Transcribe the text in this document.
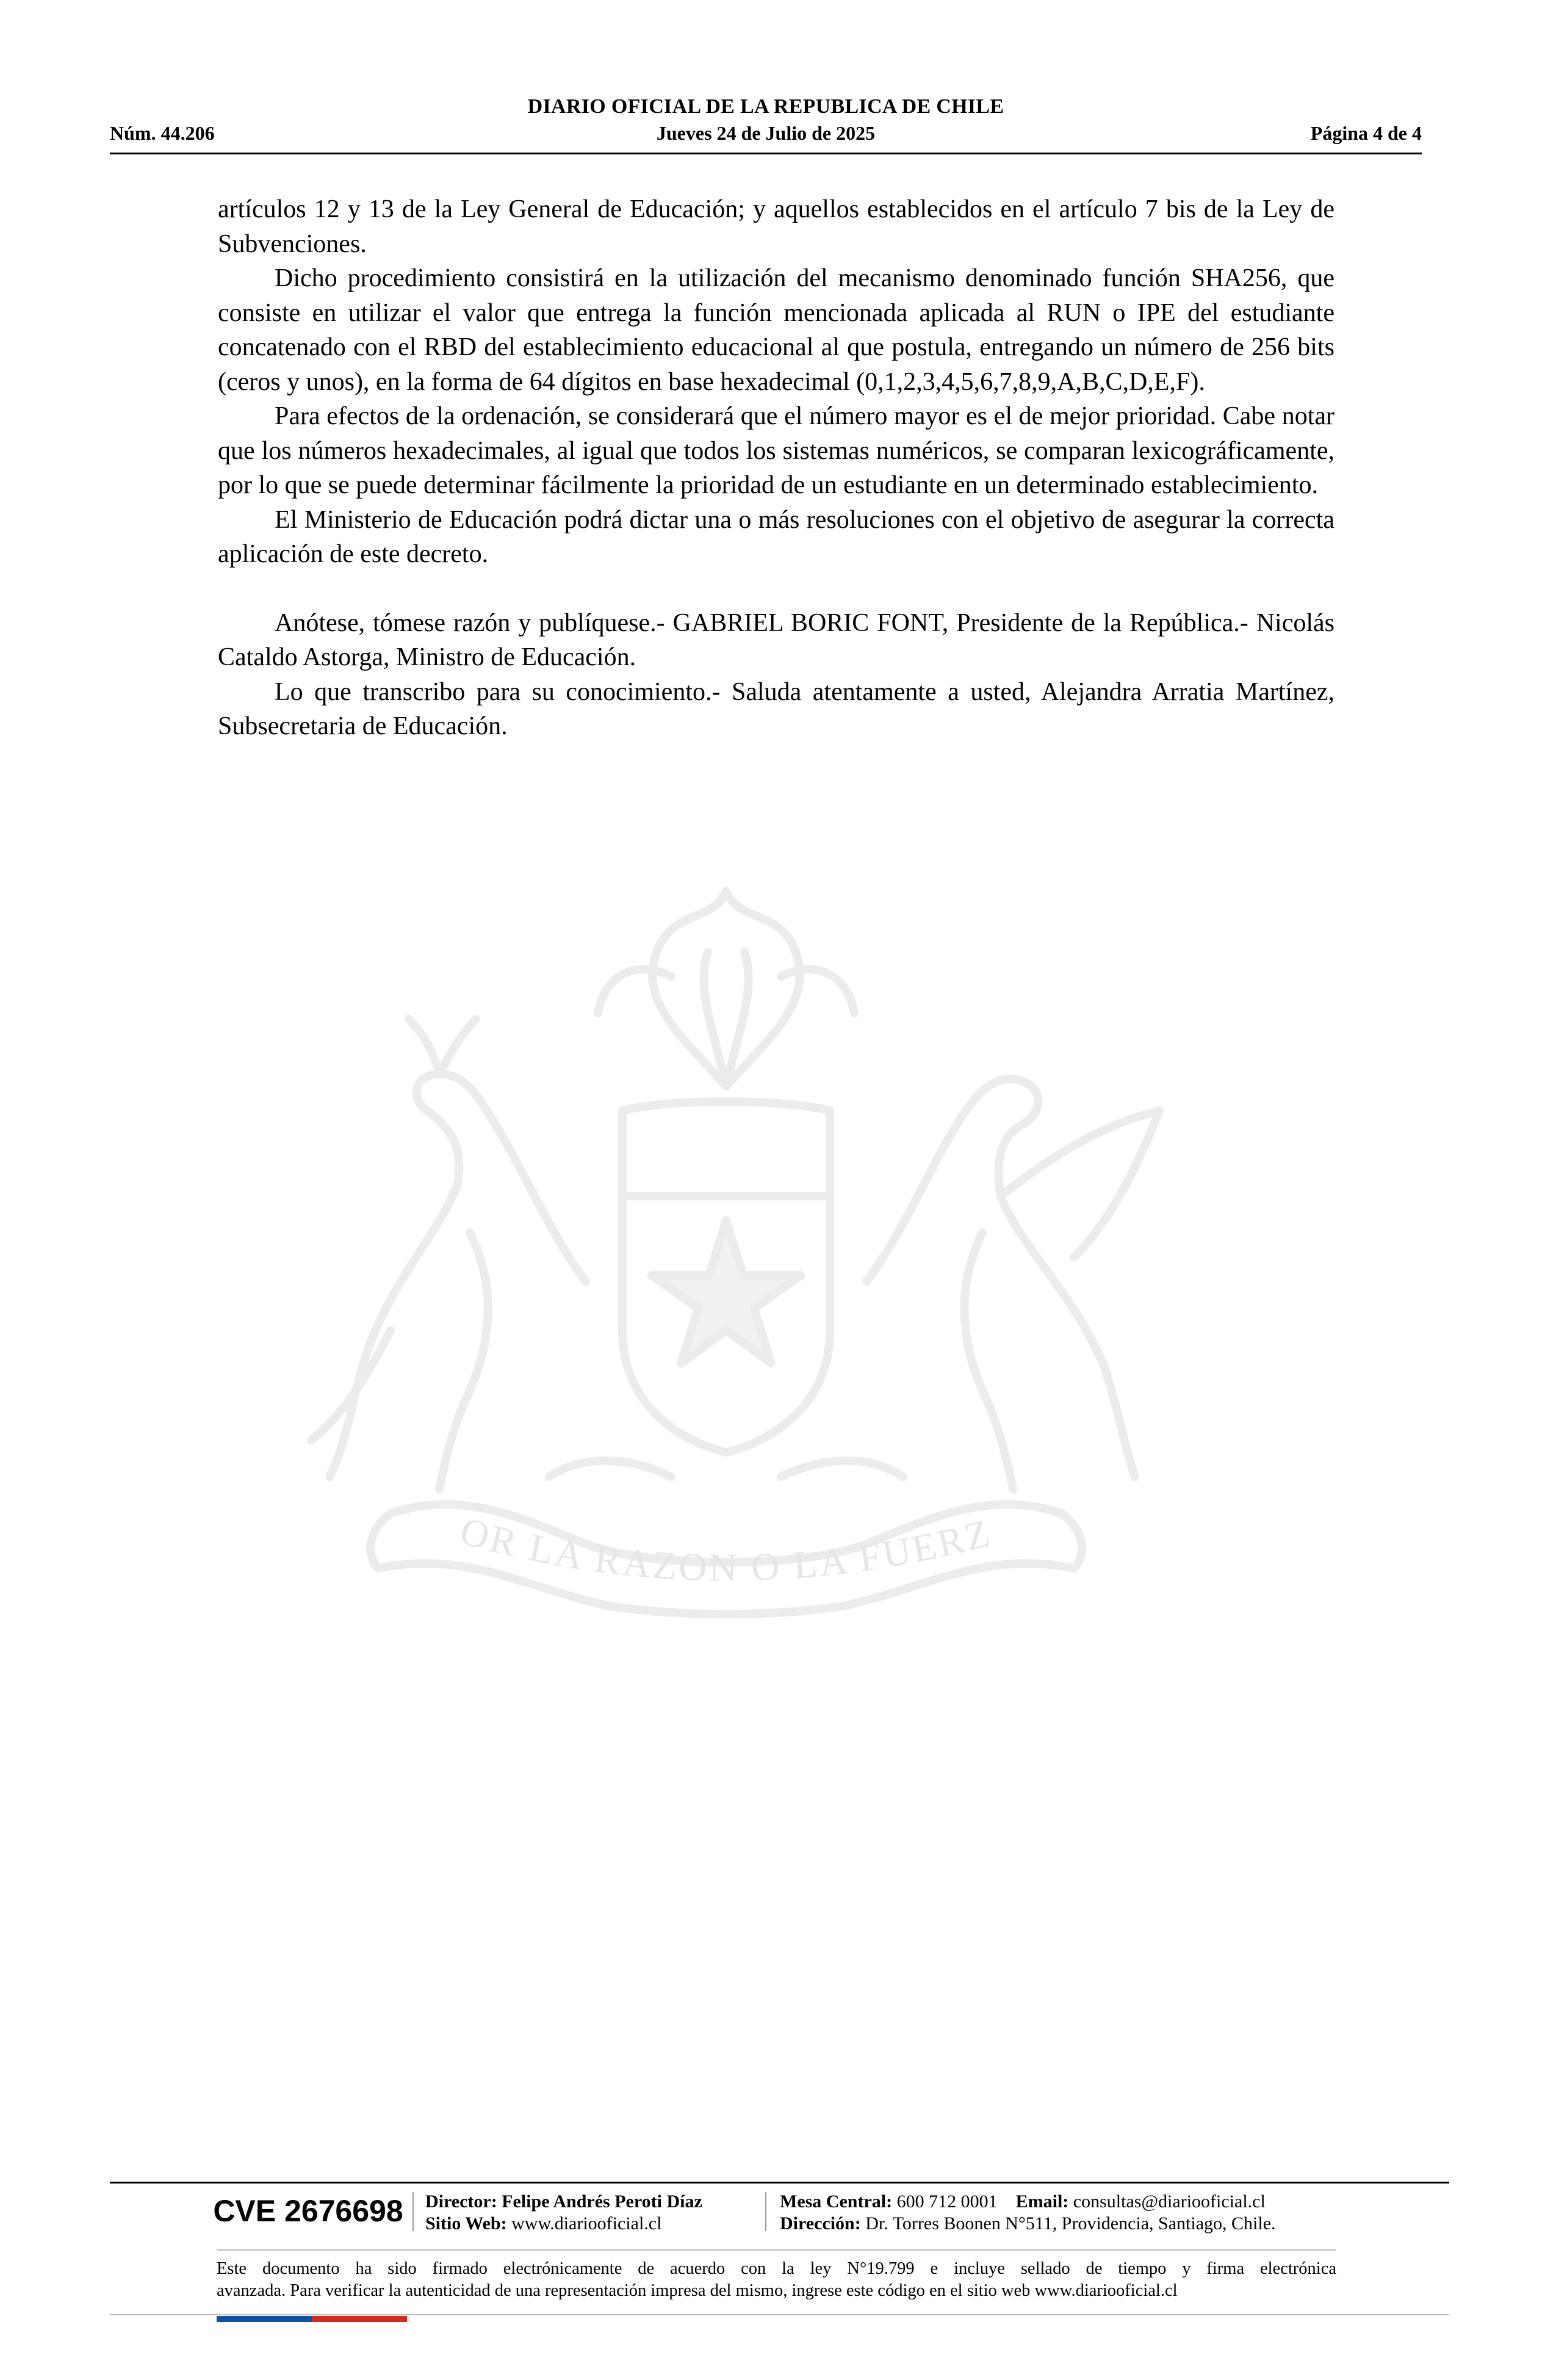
DIARIO OFICIAL DE LA REPUBLICA DE CHILE
Núm. 44.206	Jueves 24 de Julio de 2025	Página 4 de 4
OR LA RAZON O LA FUERZ

artículos 12 y 13 de la Ley General de Educación; y aquellos establecidos en el artículo 7 bis de la Ley de Subvenciones.

Dicho procedimiento consistirá en la utilización del mecanismo denominado función SHA256, que consiste en utilizar el valor que entrega la función mencionada aplicada al RUN o IPE del estudiante concatenado con el RBD del establecimiento educacional al que postula, entregando un número de 256 bits (ceros y unos), en la forma de 64 dígitos en base hexadecimal (0,1,2,3,4,5,6,7,8,9,A,B,C,D,E,F).

Para efectos de la ordenación, se considerará que el número mayor es el de mejor prioridad. Cabe notar que los números hexadecimales, al igual que todos los sistemas numéricos, se comparan lexicográficamente, por lo que se puede determinar fácilmente la prioridad de un estudiante en un determinado establecimiento.

El Ministerio de Educación podrá dictar una o más resoluciones con el objetivo de asegurar la correcta aplicación de este decreto.

Anótese, tómese razón y publíquese.- GABRIEL BORIC FONT, Presidente de la República.- Nicolás Cataldo Astorga, Ministro de Educación.

Lo que transcribo para su conocimiento.- Saluda atentamente a usted, Alejandra Arratia Martínez, Subsecretaria de Educación.

CVE 2676698	Director: Felipe Andrés Peroti Díaz
Sitio Web: www.diariooficial.cl
Mesa Central: 600 712 0001 Email: consultas@diariooficial.cl
Dirección: Dr. Torres Boonen N°511, Providencia, Santiago, Chile.
Este documento ha sido firmado electrónicamente de acuerdo con la ley N°19.799 e incluye sellado de tiempo y firma electrónica
avanzada. Para verificar la autenticidad de una representación impresa del mismo, ingrese este código en el sitio web www.diariooficial.cl
